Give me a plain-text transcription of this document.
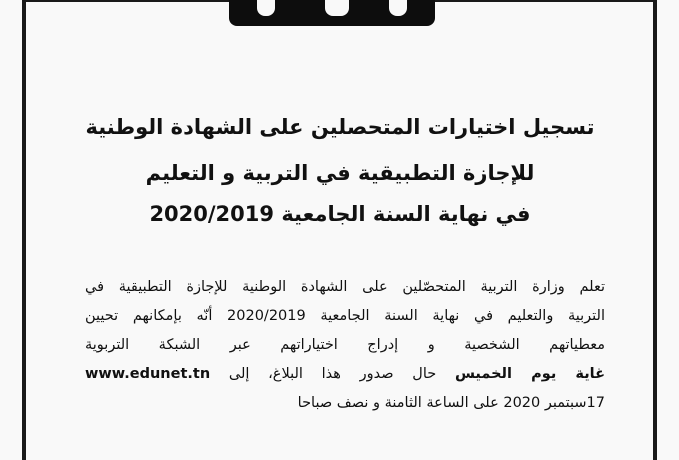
تسجيل اختيارات المتحصلين على الشهادة الوطنية
للإجازة التطبيقية في التربية و التعليم
في نهاية السنة الجامعية 2020/2019
تعلم وزارة التربية المتحصّلين على الشهادة الوطنية للإجازة التطبيقية في
التربية والتعليم في نهاية السنة الجامعية 2020/2019 أنّه بإمكانهم تحيين
معطياتهم الشخصية و إدراج اختياراتهم عبر الشبكة التربوية
غاية يوم الخميس حال صدور هذا البلاغ، إلى www.edunet.tn
17سبتمبر 2020 على الساعة الثامنة و نصف صباحا
